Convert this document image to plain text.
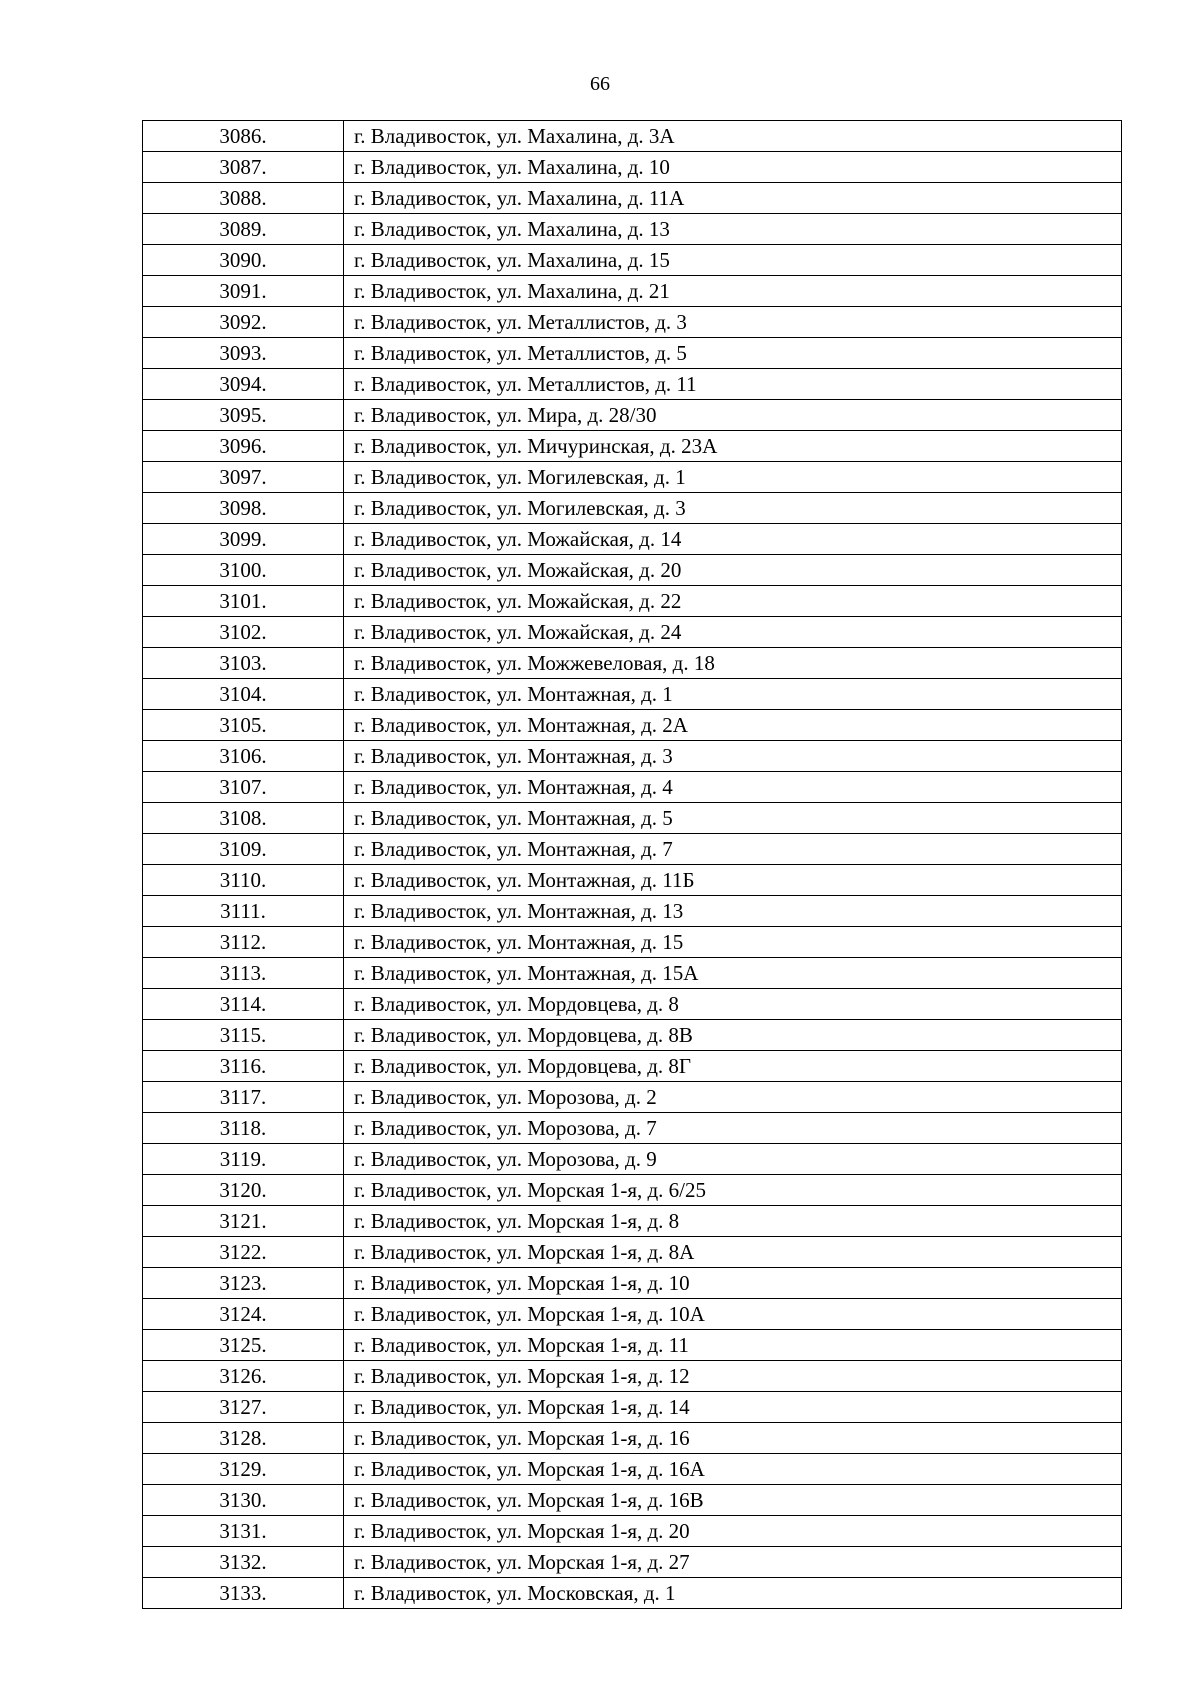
66
3086.	г. Владивосток, ул. Махалина, д. 3А
3087.	г. Владивосток, ул. Махалина, д. 10
3088.	г. Владивосток, ул. Махалина, д. 11А
3089.	г. Владивосток, ул. Махалина, д. 13
3090.	г. Владивосток, ул. Махалина, д. 15
3091.	г. Владивосток, ул. Махалина, д. 21
3092.	г. Владивосток, ул. Металлистов, д. 3
3093.	г. Владивосток, ул. Металлистов, д. 5
3094.	г. Владивосток, ул. Металлистов, д. 11
3095.	г. Владивосток, ул. Мира, д. 28/30
3096.	г. Владивосток, ул. Мичуринская, д. 23А
3097.	г. Владивосток, ул. Могилевская, д. 1
3098.	г. Владивосток, ул. Могилевская, д. 3
3099.	г. Владивосток, ул. Можайская, д. 14
3100.	г. Владивосток, ул. Можайская, д. 20
3101.	г. Владивосток, ул. Можайская, д. 22
3102.	г. Владивосток, ул. Можайская, д. 24
3103.	г. Владивосток, ул. Можжевеловая, д. 18
3104.	г. Владивосток, ул. Монтажная, д. 1
3105.	г. Владивосток, ул. Монтажная, д. 2А
3106.	г. Владивосток, ул. Монтажная, д. 3
3107.	г. Владивосток, ул. Монтажная, д. 4
3108.	г. Владивосток, ул. Монтажная, д. 5
3109.	г. Владивосток, ул. Монтажная, д. 7
3110.	г. Владивосток, ул. Монтажная, д. 11Б
3111.	г. Владивосток, ул. Монтажная, д. 13
3112.	г. Владивосток, ул. Монтажная, д. 15
3113.	г. Владивосток, ул. Монтажная, д. 15А
3114.	г. Владивосток, ул. Мордовцева, д. 8
3115.	г. Владивосток, ул. Мордовцева, д. 8В
3116.	г. Владивосток, ул. Мордовцева, д. 8Г
3117.	г. Владивосток, ул. Морозова, д. 2
3118.	г. Владивосток, ул. Морозова, д. 7
3119.	г. Владивосток, ул. Морозова, д. 9
3120.	г. Владивосток, ул. Морская 1-я, д. 6/25
3121.	г. Владивосток, ул. Морская 1-я, д. 8
3122.	г. Владивосток, ул. Морская 1-я, д. 8А
3123.	г. Владивосток, ул. Морская 1-я, д. 10
3124.	г. Владивосток, ул. Морская 1-я, д. 10А
3125.	г. Владивосток, ул. Морская 1-я, д. 11
3126.	г. Владивосток, ул. Морская 1-я, д. 12
3127.	г. Владивосток, ул. Морская 1-я, д. 14
3128.	г. Владивосток, ул. Морская 1-я, д. 16
3129.	г. Владивосток, ул. Морская 1-я, д. 16А
3130.	г. Владивосток, ул. Морская 1-я, д. 16В
3131.	г. Владивосток, ул. Морская 1-я, д. 20
3132.	г. Владивосток, ул. Морская 1-я, д. 27
3133.	г. Владивосток, ул. Московская, д. 1
